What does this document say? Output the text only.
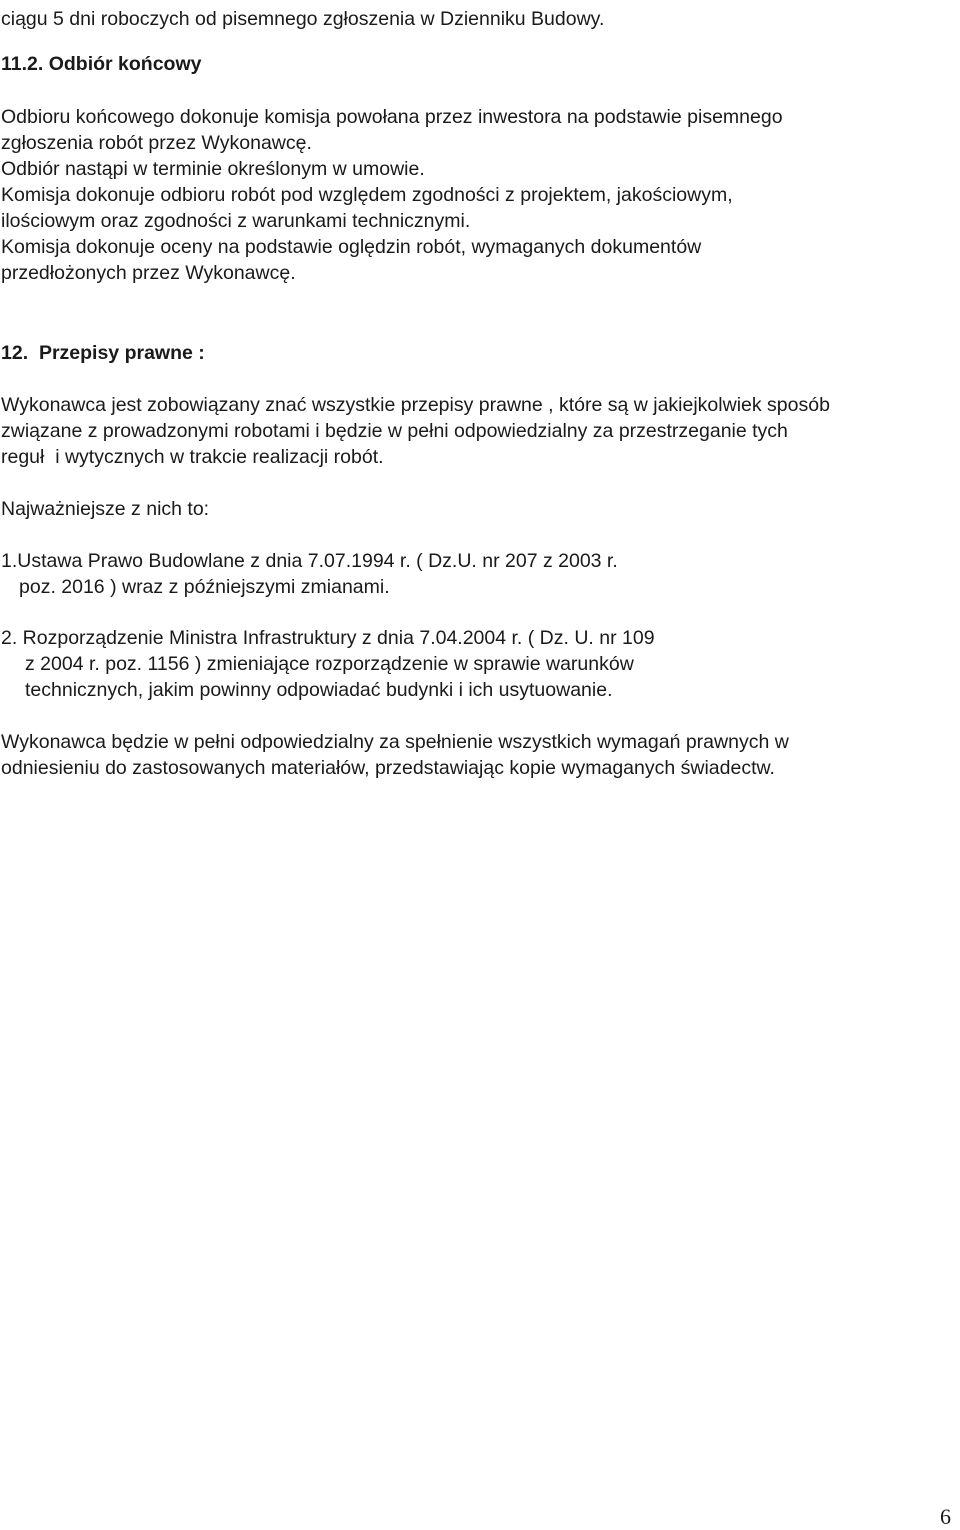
ciągu 5 dni roboczych od pisemnego zgłoszenia w Dzienniku Budowy.
11.2. Odbiór końcowy
Odbioru końcowego dokonuje komisja powołana przez inwestora na podstawie pisemnego
zgłoszenia robót przez Wykonawcę.
Odbiór nastąpi w terminie określonym w umowie.
Komisja dokonuje odbioru robót pod względem zgodności z projektem, jakościowym,
ilościowym oraz zgodności z warunkami technicznymi.
Komisja dokonuje oceny na podstawie oględzin robót, wymaganych dokumentów
przedłożonych przez Wykonawcę.
12.  Przepisy prawne :
Wykonawca jest zobowiązany znać wszystkie przepisy prawne , które są w jakiejkolwiek sposób
związane z prowadzonymi robotami i będzie w pełni odpowiedzialny za przestrzeganie tych
reguł  i wytycznych w trakcie realizacji robót.
Najważniejsze z nich to:
1.Ustawa Prawo Budowlane z dnia 7.07.1994 r. ( Dz.U. nr 207 z 2003 r.
poz. 2016 ) wraz z późniejszymi zmianami.
2. Rozporządzenie Ministra Infrastruktury z dnia 7.04.2004 r. ( Dz. U. nr 109
z 2004 r. poz. 1156 ) zmieniające rozporządzenie w sprawie warunków
technicznych, jakim powinny odpowiadać budynki i ich usytuowanie.
Wykonawca będzie w pełni odpowiedzialny za spełnienie wszystkich wymagań prawnych w
odniesieniu do zastosowanych materiałów, przedstawiając kopie wymaganych świadectw.
6
